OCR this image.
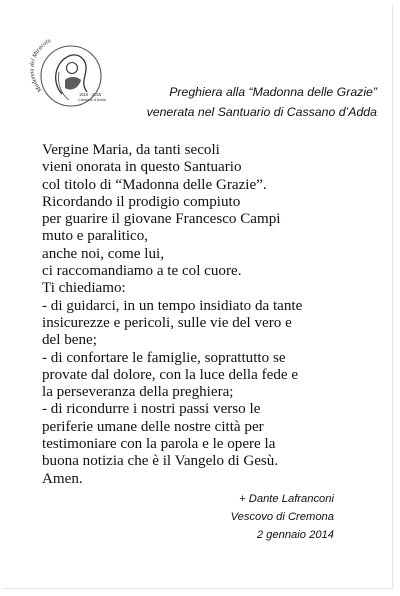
Madonna del Miracolo
1615 - 2015
Cassano d'Adda
Preghiera alla “Madonna delle Grazie”
venerata nel Santuario di Cassano d’Adda
Vergine Maria, da tanti secoli
vieni onorata in questo Santuario
col titolo di “Madonna delle Grazie”.
Ricordando il prodigio compiuto
per guarire il giovane Francesco Campi
muto e paralitico,
anche noi, come lui,
ci raccomandiamo a te col cuore.
Ti chiediamo:
- di guidarci, in un tempo insidiato da tante
insicurezze e pericoli, sulle vie del vero e
del bene;
- di confortare le famiglie, soprattutto se
provate dal dolore, con la luce della fede e
la perseveranza della preghiera;
- di ricondurre i nostri passi verso le
periferie umane delle nostre città per
testimoniare con la parola e le opere la
buona notizia che è il Vangelo di Gesù.
Amen.
+ Dante Lafranconi
Vescovo di Cremona
2 gennaio 2014
